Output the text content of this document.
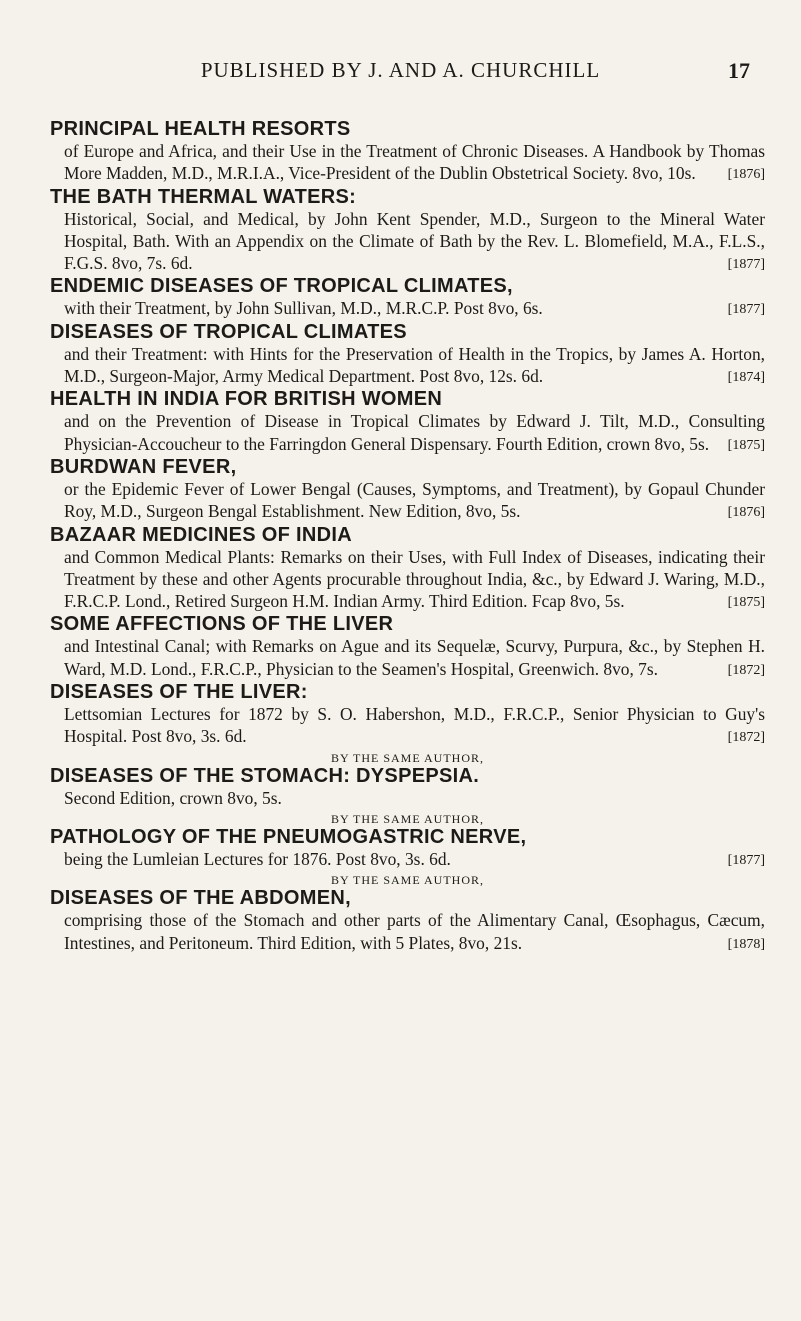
PUBLISHED BY J. AND A. CHURCHILL	17
PRINCIPAL HEALTH RESORTS
of Europe and Africa, and their Use in the Treatment of Chronic Diseases. A Handbook by Thomas More Madden, M.D., M.R.I.A., Vice-President of the Dublin Obstetrical Society. 8vo, 10s. [1876]
THE BATH THERMAL WATERS:
Historical, Social, and Medical, by John Kent Spender, M.D., Surgeon to the Mineral Water Hospital, Bath. With an Appendix on the Climate of Bath by the Rev. L. Blomefield, M.A., F.L.S., F.G.S. 8vo, 7s. 6d.	[1877]
ENDEMIC DISEASES OF TROPICAL CLIMATES,
with their Treatment, by John Sullivan, M.D., M.R.C.P. Post 8vo, 6s.	[1877]
DISEASES OF TROPICAL CLIMATES
and their Treatment: with Hints for the Preservation of Health in the Tropics, by James A. Horton, M.D., Surgeon-Major, Army Medical Department. Post 8vo, 12s. 6d.	[1874]
HEALTH IN INDIA FOR BRITISH WOMEN
and on the Prevention of Disease in Tropical Climates by Edward J. Tilt, M.D., Consulting Physician-Accoucheur to the Farringdon General Dispensary. Fourth Edition, crown 8vo, 5s. [1875]
BURDWAN FEVER,
or the Epidemic Fever of Lower Bengal (Causes, Symptoms, and Treatment), by Gopaul Chunder Roy, M.D., Surgeon Bengal Establishment. New Edition, 8vo, 5s.	[1876]
BAZAAR MEDICINES OF INDIA
and Common Medical Plants: Remarks on their Uses, with Full Index of Diseases, indicating their Treatment by these and other Agents procurable throughout India, &c., by Edward J. Waring, M.D., F.R.C.P. Lond., Retired Surgeon H.M. Indian Army. Third Edition. Fcap 8vo, 5s.	[1875]
SOME AFFECTIONS OF THE LIVER
and Intestinal Canal; with Remarks on Ague and its Sequelæ, Scurvy, Purpura, &c., by Stephen H. Ward, M.D. Lond., F.R.C.P., Physician to the Seamen's Hospital, Greenwich. 8vo, 7s.	[1872]
DISEASES OF THE LIVER:
Lettsomian Lectures for 1872 by S. O. Habershon, M.D., F.R.C.P., Senior Physician to Guy's Hospital. Post 8vo, 3s. 6d.	[1872]
BY THE SAME AUTHOR,
DISEASES OF THE STOMACH: DYSPEPSIA.
Second Edition, crown 8vo, 5s.
BY THE SAME AUTHOR,
PATHOLOGY OF THE PNEUMOGASTRIC NERVE,
being the Lumleian Lectures for 1876. Post 8vo, 3s. 6d.	[1877]
BY THE SAME AUTHOR,
DISEASES OF THE ABDOMEN,
comprising those of the Stomach and other parts of the Alimentary Canal, Œsophagus, Cæcum, Intestines, and Peritoneum. Third Edition, with 5 Plates, 8vo, 21s.	[1878]
